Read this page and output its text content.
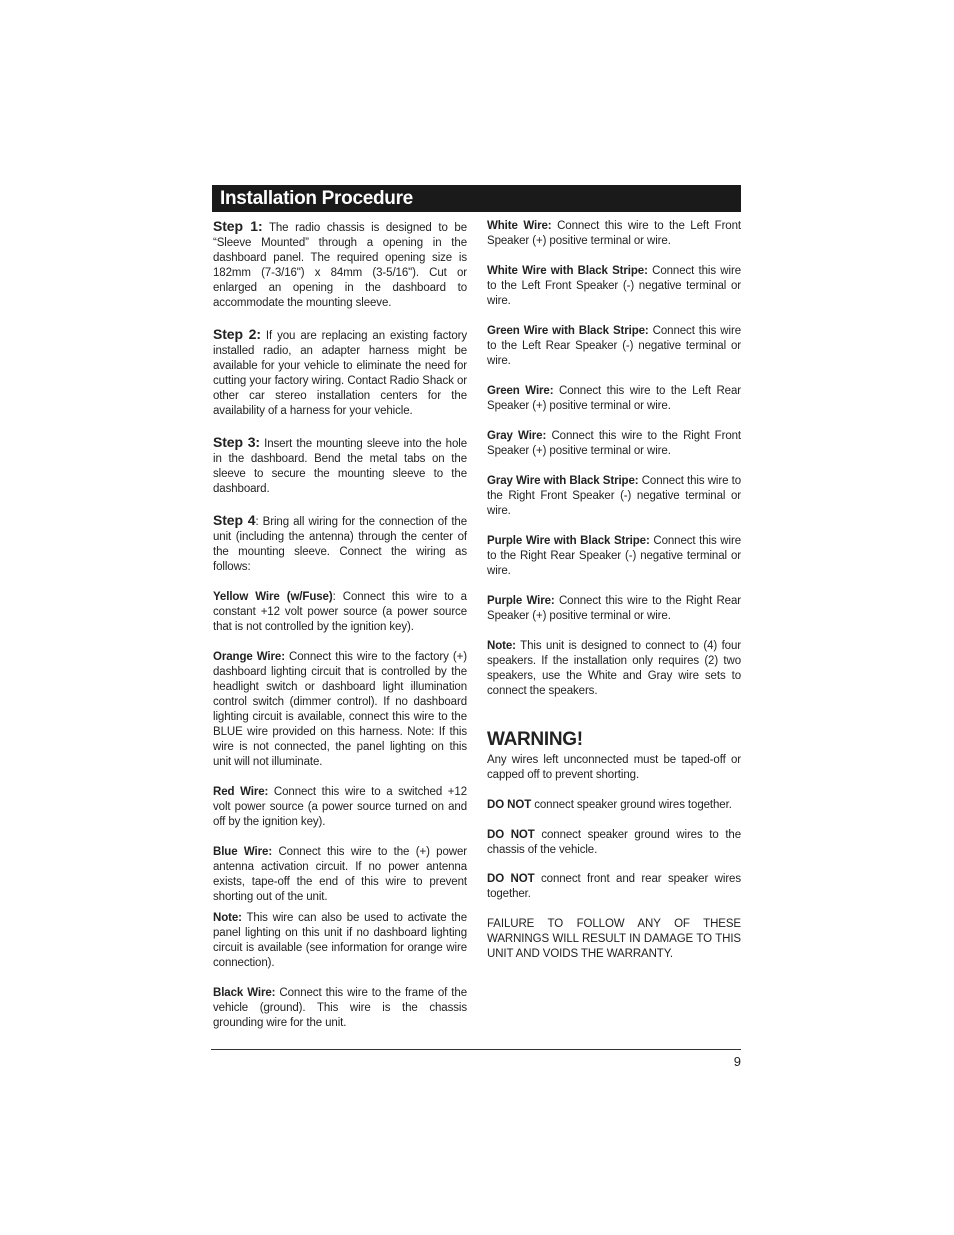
Installation Procedure

Step 1: The radio chassis is designed to be “Sleeve Mounted” through a opening in the dashboard panel. The required opening size is 182mm (7-3/16") x 84mm (3-5/16"). Cut or enlarged an opening in the dashboard to accommodate the mounting sleeve.

Step 2: If you are replacing an existing factory installed radio, an adapter harness might be available for your vehicle to eliminate the need for cutting your factory wiring. Contact Radio Shack or other car stereo installation centers for the availability of a harness for your vehicle.

Step 3: Insert the mounting sleeve into the hole in the dashboard. Bend the metal tabs on the sleeve to secure the mounting sleeve to the dashboard.

Step 4: Bring all wiring for the connection of the unit (including the antenna) through the center of the mounting sleeve. Connect the wiring as follows:

Yellow Wire (w/Fuse): Connect this wire to a constant +12 volt power source (a power source that is not controlled by the ignition key).

Orange Wire: Connect this wire to the factory (+) dashboard lighting circuit that is controlled by the headlight switch or dashboard light illumination control switch (dimmer control). If no dashboard lighting circuit is available, connect this wire to the BLUE wire provided on this harness. Note: If this wire is not connected, the panel lighting on this unit will not illuminate.

Red Wire: Connect this wire to a switched +12 volt power source (a power source turned on and off by the ignition key).

Blue Wire: Connect this wire to the (+) power antenna activation circuit. If no power antenna exists, tape-off the end of this wire to prevent shorting out of the unit.

Note: This wire can also be used to activate the panel lighting on this unit if no dashboard lighting circuit is available (see information for orange wire connection).

Black Wire: Connect this wire to the frame of the vehicle (ground). This wire is the chassis grounding wire for the unit.

White Wire: Connect this wire to the Left Front Speaker (+) positive terminal or wire.

White Wire with Black Stripe: Connect this wire to the Left Front Speaker (-) negative terminal or wire.

Green Wire with Black Stripe: Connect this wire to the Left Rear Speaker (-) negative terminal or wire.

Green Wire: Connect this wire to the Left Rear Speaker (+) positive terminal or wire.

Gray Wire: Connect this wire to the Right Front Speaker (+) positive terminal or wire.

Gray Wire with Black Stripe: Connect this wire to the Right Front Speaker (-) negative terminal or wire.

Purple Wire with Black Stripe: Connect this wire to the Right Rear Speaker (-) negative terminal or wire.

Purple Wire: Connect this wire to the Right Rear Speaker (+) positive terminal or wire.

Note: This unit is designed to connect to (4) four speakers. If the installation only requires (2) two speakers, use the White and Gray wire sets to connect the speakers.

WARNING!

Any wires left unconnected must be taped-off or capped off to prevent shorting.

DO NOT connect speaker ground wires together.

DO NOT connect speaker ground wires to the chassis of the vehicle.

DO NOT connect front and rear speaker wires together.

FAILURE TO FOLLOW ANY OF THESE WARNINGS WILL RESULT IN DAMAGE TO THIS UNIT AND VOIDS THE WARRANTY.

9
